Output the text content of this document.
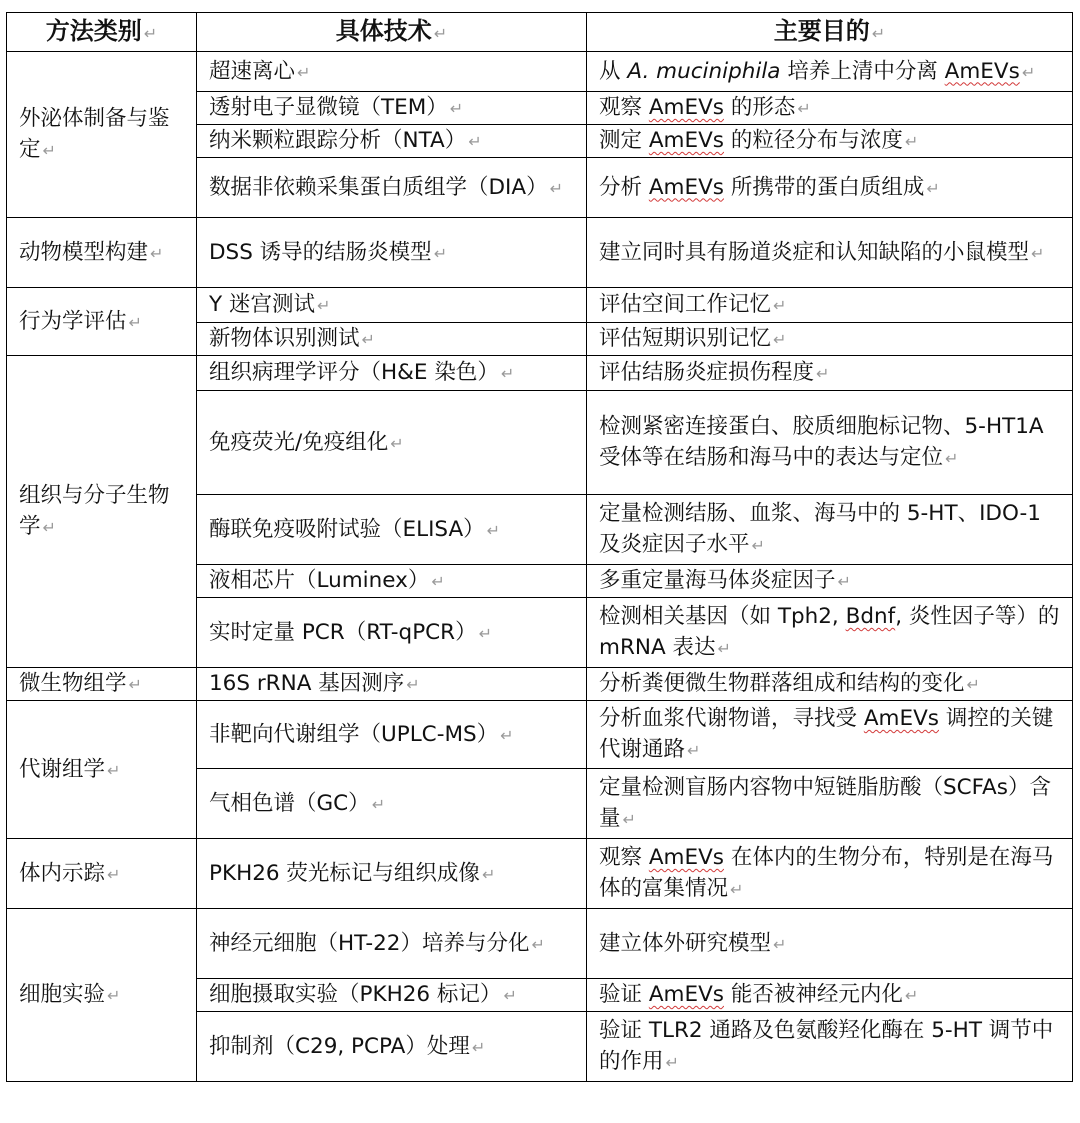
方法类别 ↵	具体技术 ↵	主要目的 ↵
外泌体制备与鉴定 ↵	超速离心 ↵	从 A. muciniphila 培养上清中分离 AmEVs ↵
	透射电子显微镜（TEM） ↵	观察 AmEVs 的形态 ↵
	纳米颗粒跟踪分析（NTA） ↵	测定 AmEVs 的粒径分布与浓度 ↵
	数据非依赖采集蛋白质组学（DIA） ↵	分析 AmEVs 所携带的蛋白质组成 ↵
动物模型构建 ↵	DSS 诱导的结肠炎模型 ↵	建立同时具有肠道炎症和认知缺陷的小鼠模型 ↵
行为学评估 ↵	Y 迷宫测试 ↵	评估空间工作记忆 ↵
	新物体识别测试 ↵	评估短期识别记忆 ↵
组织与分子生物学 ↵	组织病理学评分（H&E 染色） ↵	评估结肠炎症损伤程度 ↵
	免疫荧光/免疫组化 ↵	检测紧密连接蛋白、胶质细胞标记物、5-HT1A 受体等在结肠和海马中的表达与定位 ↵
	酶联免疫吸附试验（ELISA） ↵	定量检测结肠、血浆、海马中的 5-HT、IDO-1 及炎症因子水平 ↵
	液相芯片（Luminex） ↵	多重定量海马体炎症因子 ↵
	实时定量 PCR（RT-qPCR） ↵	检测相关基因（如 Tph2, Bdnf, 炎性因子等）的 mRNA 表达 ↵
微生物组学 ↵	16S rRNA 基因测序 ↵	分析粪便微生物群落组成和结构的变化 ↵
代谢组学 ↵	非靶向代谢组学（UPLC-MS） ↵	分析血浆代谢物谱，寻找受 AmEVs 调控的关键代谢通路 ↵
	气相色谱（GC） ↵	定量检测盲肠内容物中短链脂肪酸（SCFAs）含量 ↵
体内示踪 ↵	PKH26 荧光标记与组织成像 ↵	观察 AmEVs 在体内的生物分布，特别是在海马体的富集情况 ↵
细胞实验 ↵	神经元细胞（HT-22）培养与分化 ↵	建立体外研究模型 ↵
	细胞摄取实验（PKH26 标记） ↵	验证 AmEVs 能否被神经元内化 ↵
	抑制剂（C29, PCPA）处理 ↵	验证 TLR2 通路及色氨酸羟化酶在 5-HT 调节中的作用 ↵
